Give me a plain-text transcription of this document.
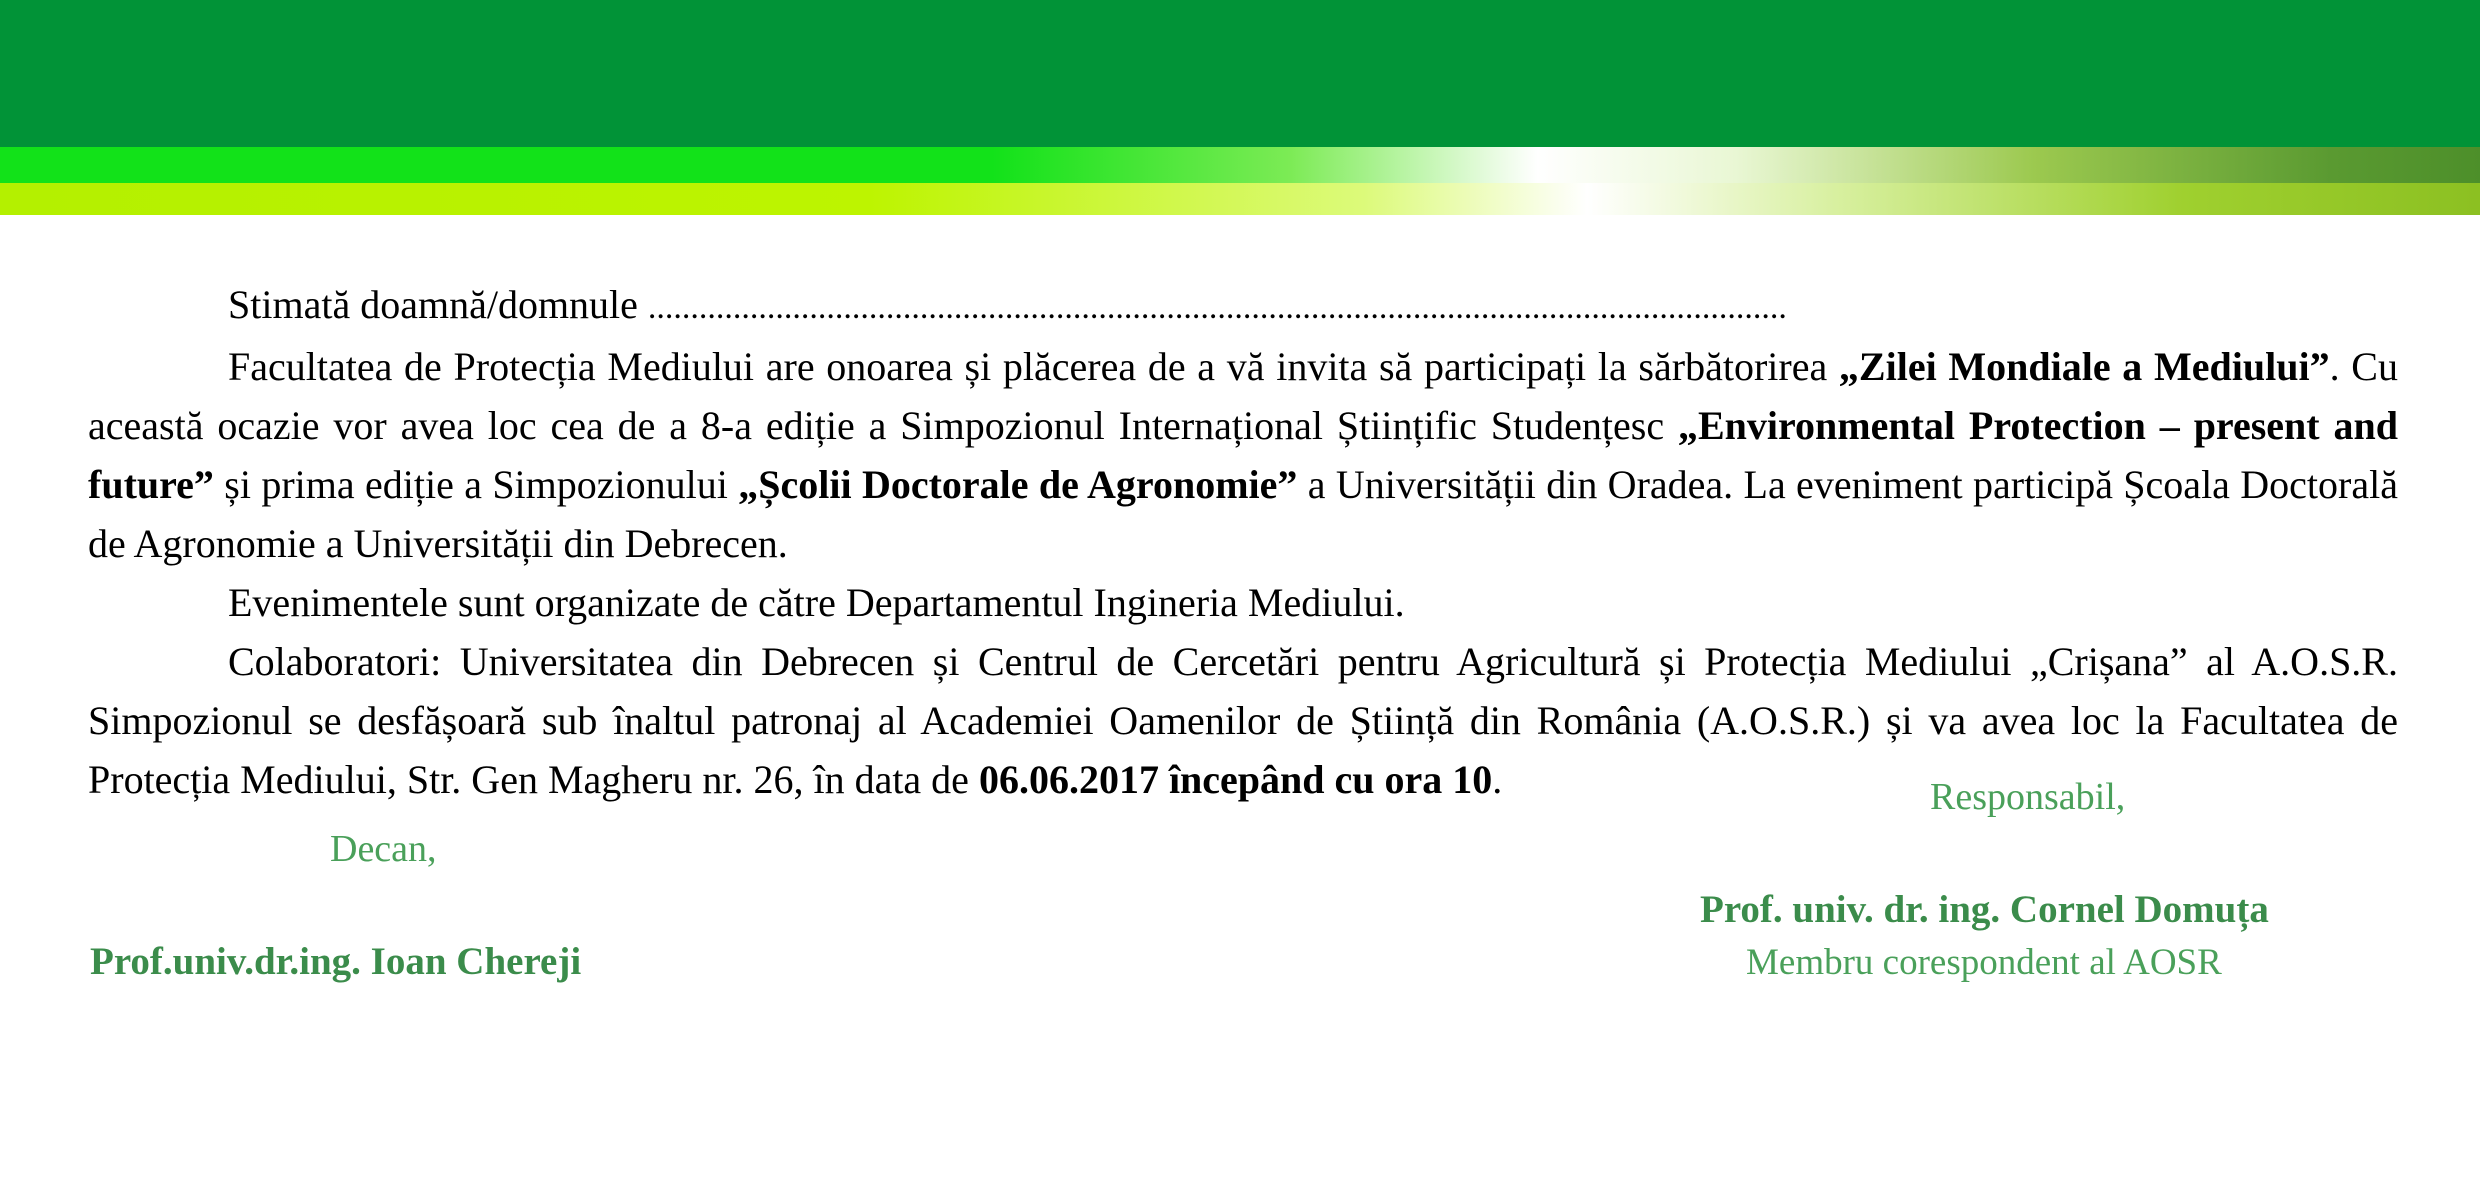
Stimată doamnă/domnule ......................................................................................................................................

Facultatea de Protecția Mediului are onoarea și plăcerea de a vă invita să participați la sărbătorirea „Zilei Mondiale a Mediului”. Cu această ocazie vor avea loc cea de a 8-a ediție a Simpozionul Internațional Științific Studențesc „Environmental Protection – present and future” și prima ediție a Simpozionului „Școlii Doctorale de Agronomie” a Universității din Oradea. La eveniment participă Școala Doctorală de Agronomie a Universității din Debrecen.

Evenimentele sunt organizate de către Departamentul Ingineria Mediului.

Colaboratori: Universitatea din Debrecen și Centrul de Cercetări pentru Agricultură și Protecția Mediului „Crișana” al A.O.S.R. Simpozionul se desfășoară sub înaltul patronaj al Academiei Oamenilor de Știință din România (A.O.S.R.) și va avea loc la Facultatea de Protecția Mediului, Str. Gen Magheru nr. 26, în data de 06.06.2017 începând cu ora 10.	Responsabil,
Decan,
Prof. univ. dr. ing. Cornel Domuța
Membru corespondent al AOSR
Prof.univ.dr.ing. Ioan Chereji
